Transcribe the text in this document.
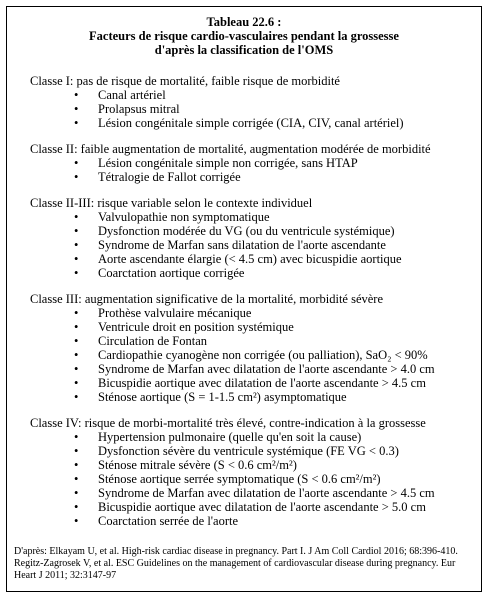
Tableau 22.6 :
Facteurs de risque cardio-vasculaires pendant la grossesse
d'après la classification de l'OMS
Classe I: pas de risque de mortalité, faible risque de morbidité
• Canal artériel
• Prolapsus mitral
• Lésion congénitale simple corrigée (CIA, CIV, canal artériel)
Classe II: faible augmentation de mortalité, augmentation modérée de morbidité
• Lésion congénitale simple non corrigée, sans HTAP
• Tétralogie de Fallot corrigée
Classe II-III: risque variable selon le contexte individuel
• Valvulopathie non symptomatique
• Dysfonction modérée du VG (ou du ventricule systémique)
• Syndrome de Marfan sans dilatation de l'aorte ascendante
• Aorte ascendante élargie (< 4.5 cm) avec bicuspidie aortique
• Coarctation aortique corrigée
Classe III: augmentation significative de la mortalité, morbidité sévère
• Prothèse valvulaire mécanique
• Ventricule droit en position systémique
• Circulation de Fontan
• Cardiopathie cyanogène non corrigée (ou palliation), SaO₂ < 90%
• Syndrome de Marfan avec dilatation de l'aorte ascendante > 4.0 cm
• Bicuspidie aortique avec dilatation de l'aorte ascendante > 4.5 cm
• Sténose aortique (S = 1-1.5 cm²) asymptomatique
Classe IV: risque de morbi-mortalité très élevé, contre-indication à la grossesse
• Hypertension pulmonaire (quelle qu'en soit la cause)
• Dysfonction sévère du ventricule systémique (FE VG < 0.3)
• Sténose mitrale sévère (S < 0.6 cm²/m²)
• Sténose aortique serrée symptomatique (S < 0.6 cm²/m²)
• Syndrome de Marfan avec dilatation de l'aorte ascendante > 4.5 cm
• Bicuspidie aortique avec dilatation de l'aorte ascendante > 5.0 cm
• Coarctation serrée de l'aorte
D'après: Elkayam U, et al. High-risk cardiac disease in pregnancy. Part I. J Am Coll Cardiol 2016; 68:396-410. Regitz-Zagrosek V, et al. ESC Guidelines on the management of cardiovascular disease during pregnancy. Eur Heart J 2011; 32:3147-97
